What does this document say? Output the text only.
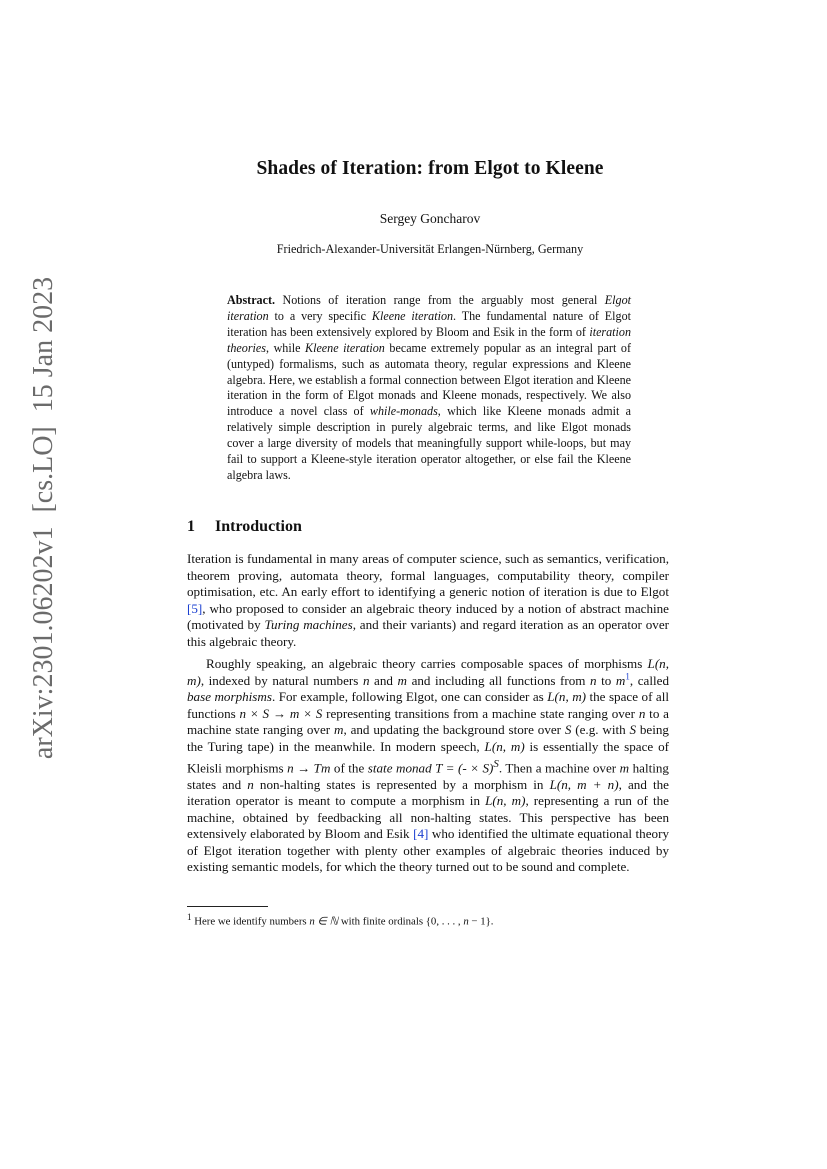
arXiv:2301.06202v1
[cs.LO]
15 Jan 2023
Shades of Iteration: from Elgot to Kleene
Sergey Goncharov
Friedrich-Alexander-Universität Erlangen-Nürnberg, Germany
Abstract. Notions of iteration range from the arguably most general Elgot iteration to a very specific Kleene iteration. The fundamental nature of Elgot iteration has been extensively explored by Bloom and Esik in the form of iteration theories, while Kleene iteration became extremely popular as an integral part of (untyped) formalisms, such as automata theory, regular expressions and Kleene algebra. Here, we establish a formal connection between Elgot iteration and Kleene iteration in the form of Elgot monads and Kleene monads, respectively. We also introduce a novel class of while-monads, which like Kleene monads admit a relatively simple description in purely algebraic terms, and like Elgot monads cover a large diversity of models that meaningfully support while-loops, but may fail to support a Kleene-style iteration operator altogether, or else fail the Kleene algebra laws.
1 Introduction
Iteration is fundamental in many areas of computer science, such as semantics, verification, theorem proving, automata theory, formal languages, computability theory, compiler optimisation, etc. An early effort to identifying a generic notion of iteration is due to Elgot [5], who proposed to consider an algebraic theory induced by a notion of abstract machine (motivated by Turing machines, and their variants) and regard iteration as an operator over this algebraic theory.
Roughly speaking, an algebraic theory carries composable spaces of morphisms L(n, m), indexed by natural numbers n and m and including all functions from n to m$^1$, called base morphisms. For example, following Elgot, one can consider as L(n, m) the space of all functions n × S → m × S representing transitions from a machine state ranging over n to a machine state ranging over m, and updating the background store over S (e.g. with S being the Turing tape) in the meanwhile. In modern speech, L(n, m) is essentially the space of Kleisli morphisms n → Tm of the state monad T = (- × S)$^S$. Then a machine over m halting states and n non-halting states is represented by a morphism in L(n, m + n), and the iteration operator is meant to compute a morphism in L(n, m), representing a run of the machine, obtained by feedbacking all non-halting states. This perspective has been extensively elaborated by Bloom and Esik [4] who identified the ultimate equational theory of Elgot iteration together with plenty other examples of algebraic theories induced by existing semantic models, for which the theory turned out to be sound and complete.
$^1$ Here we identify numbers n ∈ ℕ with finite ordinals {0, . . . , n − 1}.
